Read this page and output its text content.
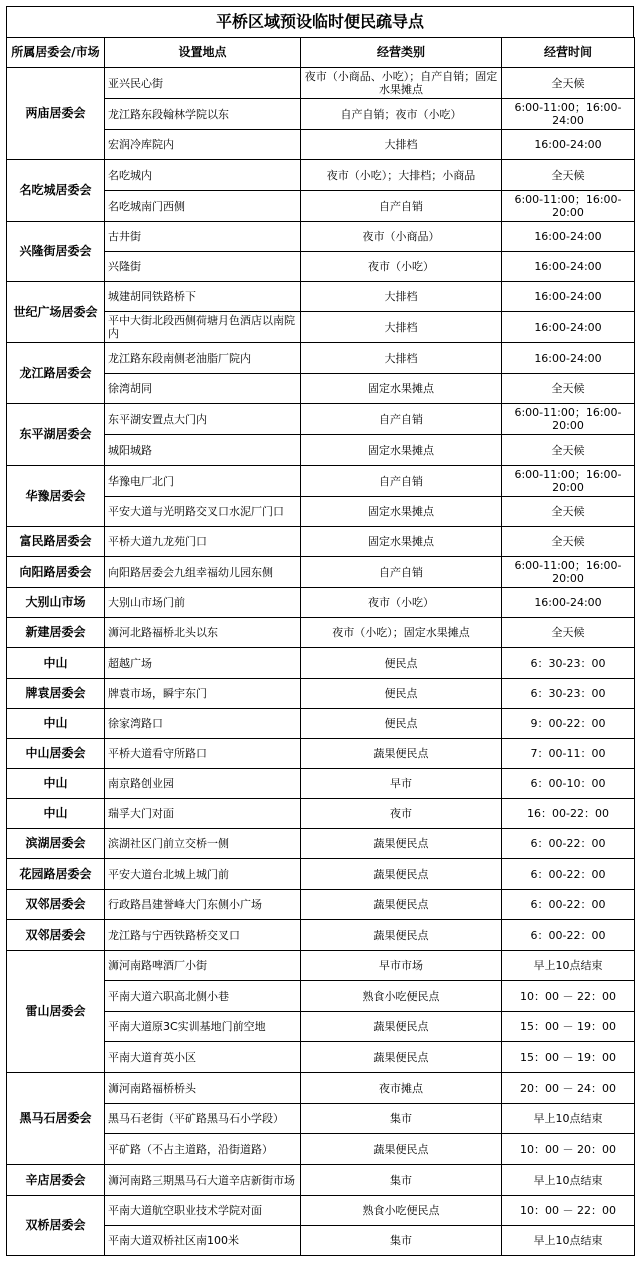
平桥区域预设临时便民疏导点
所属居委会/市场	设置地点	经营类别	经营时间
两庙居委会	亚兴民心街	夜市（小商品、小吃）；自产自销；固定水果摊点	全天候
	龙江路东段翰林学院以东	自产自销；夜市（小吃）	6:00-11:00；16:00-24:00
	宏润冷库院内	大排档	16:00-24:00
名吃城居委会	名吃城内	夜市（小吃）；大排档；小商品	全天候
	名吃城南门西侧	自产自销	6:00-11:00；16:00-20:00
兴隆街居委会	古井街	夜市（小商品）	16:00-24:00
	兴隆街	夜市（小吃）	16:00-24:00
世纪广场居委会	城建胡同铁路桥下	大排档	16:00-24:00
	平中大街北段西侧荷塘月色酒店以南院内	大排档	16:00-24:00
龙江路居委会	龙江路东段南侧老油脂厂院内	大排档	16:00-24:00
	徐湾胡同	固定水果摊点	全天候
东平湖居委会	东平湖安置点大门内	自产自销	6:00-11:00；16:00-20:00
	城阳城路	固定水果摊点	全天候
华豫居委会	华豫电厂北门	自产自销	6:00-11:00；16:00-20:00
	平安大道与光明路交叉口水泥厂门口	固定水果摊点	全天候
富民路居委会	平桥大道九龙苑门口	固定水果摊点	全天候
向阳路居委会	向阳路居委会九组幸福幼儿园东侧	自产自销	6:00-11:00；16:00-20:00
大别山市场	大别山市场门前	夜市（小吃）	16:00-24:00
新建居委会	浉河北路福桥北头以东	夜市（小吃）；固定水果摊点	全天候
中山	超越广场	便民点	6：30-23：00
牌袁居委会	牌袁市场，瞬宇东门	便民点	6：30-23：00
中山	徐家湾路口	便民点	9：00-22：00
中山居委会	平桥大道看守所路口	蔬果便民点	7：00-11：00
中山	南京路创业园	早市	6：00-10：00
中山	瑞孚大门对面	夜市	16：00-22：00
滨湖居委会	滨湖社区门前立交桥一侧	蔬果便民点	6：00-22：00
花园路居委会	平安大道台北城上城门前	蔬果便民点	6：00-22：00
双邻居委会	行政路昌建誉峰大门东侧小广场	蔬果便民点	6：00-22：00
双邻居委会	龙江路与宁西铁路桥交叉口	蔬果便民点	6：00-22：00
雷山居委会	浉河南路啤酒厂小街	早市市场	早上10点结束
	平南大道六职高北侧小巷	熟食小吃便民点	10：00 － 22：00
	平南大道原3C实训基地门前空地	蔬果便民点	15：00 － 19：00
	平南大道育英小区	蔬果便民点	15：00 － 19：00
黑马石居委会	浉河南路福桥桥头	夜市摊点	20：00 － 24：00
	黑马石老街（平矿路黑马石小学段）	集市	早上10点结束
	平矿路（不占主道路，沿街道路）	蔬果便民点	10：00 － 20：00
辛店居委会	浉河南路三期黑马石大道辛店新街市场	集市	早上10点结束
双桥居委会	平南大道航空职业技术学院对面	熟食小吃便民点	10：00 － 22：00
	平南大道双桥社区南100米	集市	早上10点结束
